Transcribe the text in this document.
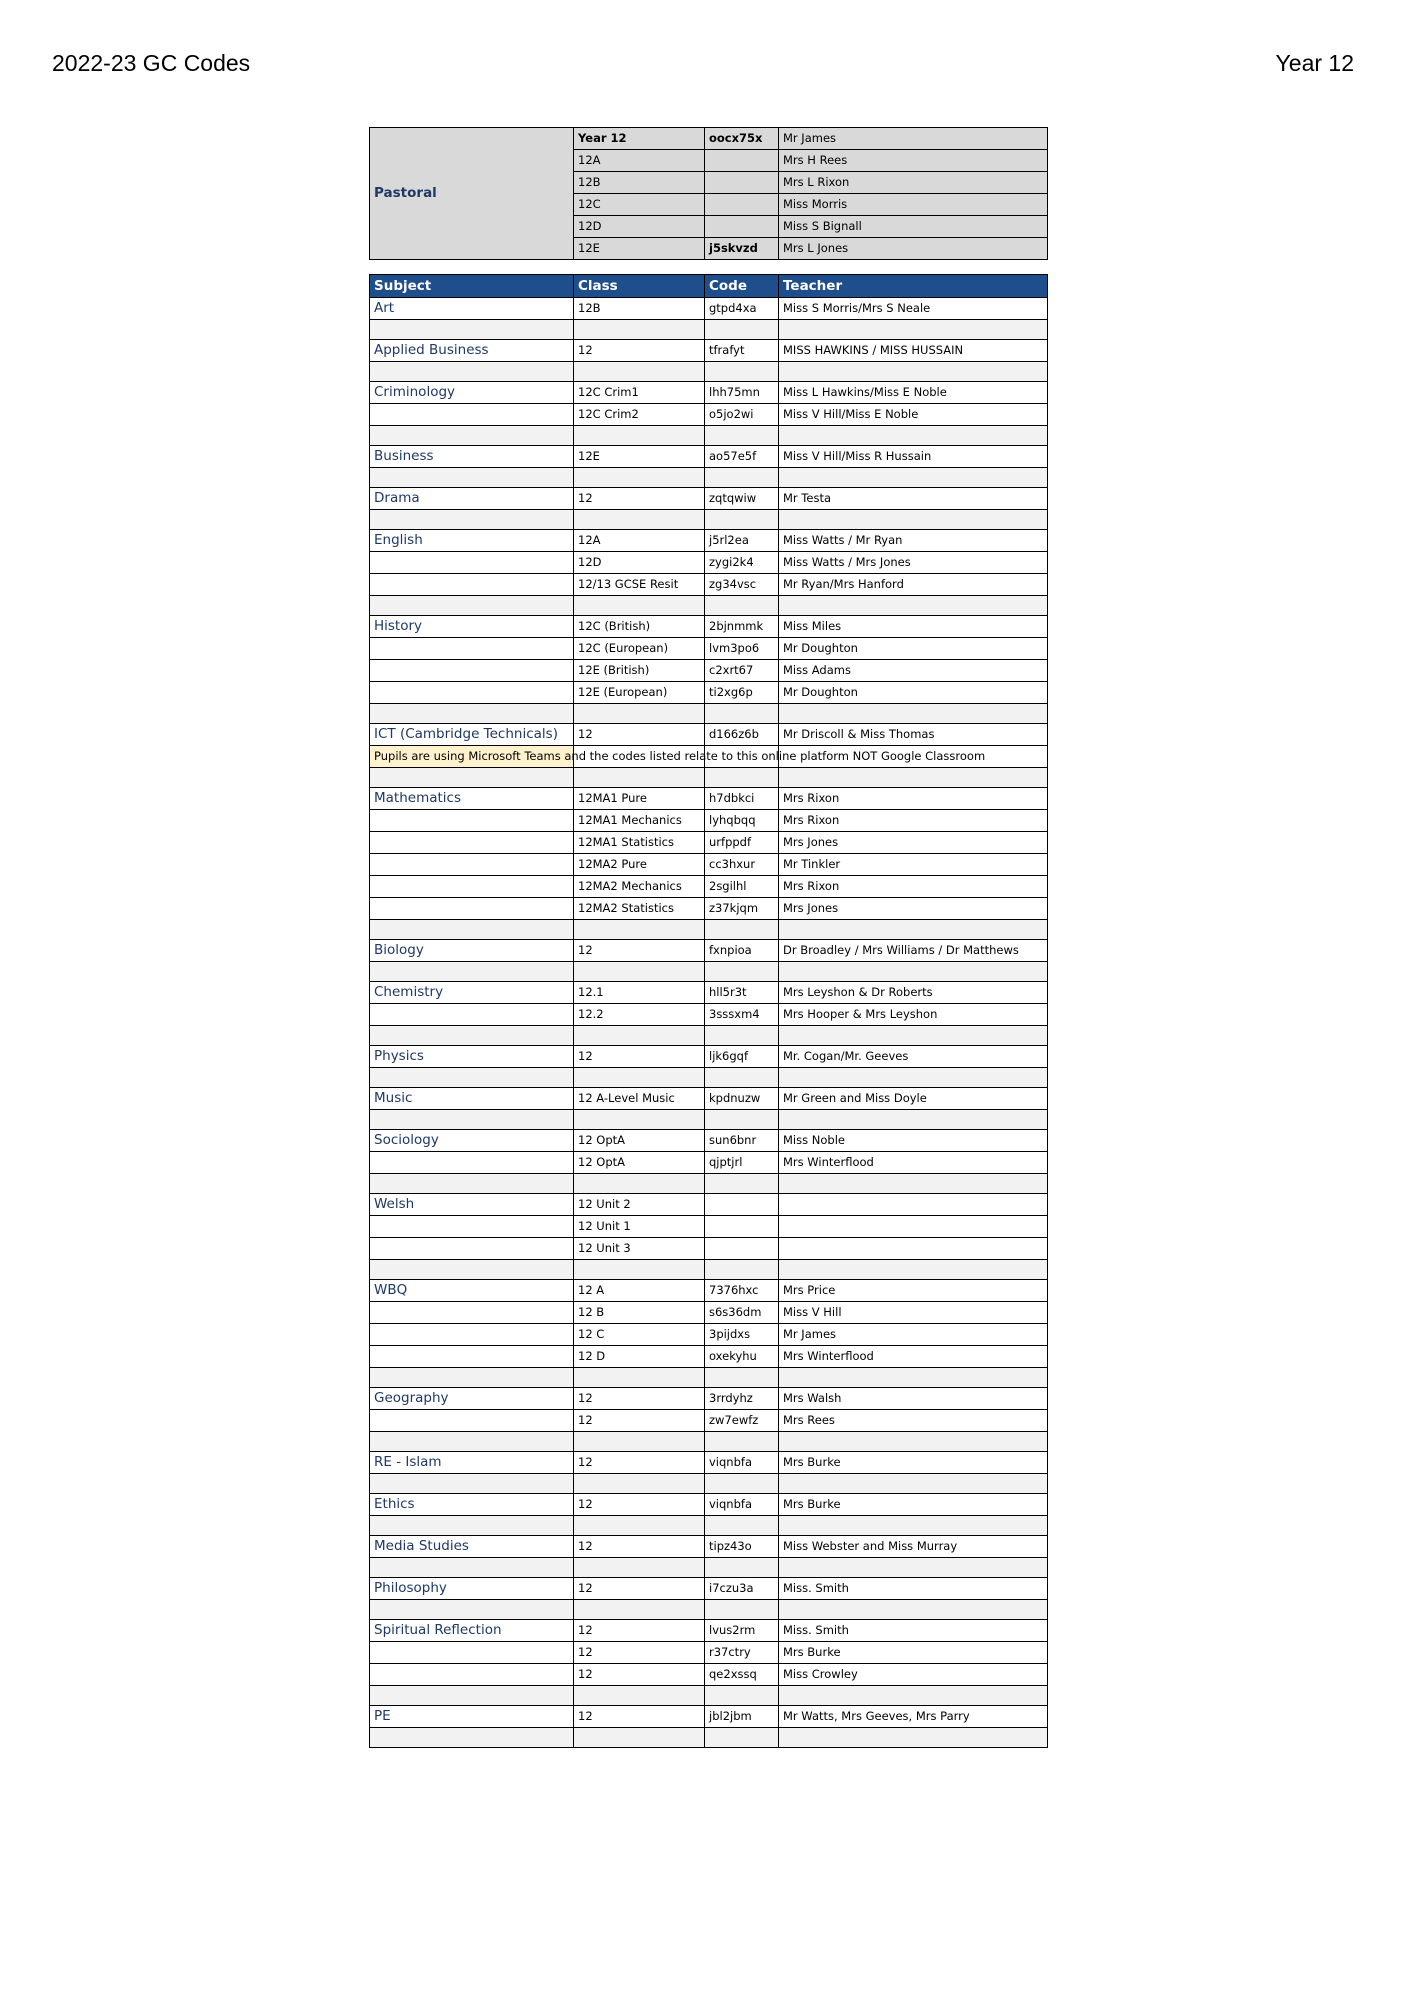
2022-23 GC Codes	Year 12
Pastoral	Year 12	oocx75x	Mr James
	12A		Mrs H Rees
	12B		Mrs L Rixon
	12C		Miss Morris
	12D		Miss S Bignall
	12E	j5skvzd	Mrs L Jones

Subject	Class	Code	Teacher
Art	12B	gtpd4xa	Miss S Morris/Mrs S Neale

Applied Business	12	tfrafyt	MISS HAWKINS / MISS HUSSAIN

Criminology	12C Crim1	lhh75mn	Miss L Hawkins/Miss E Noble
	12C Crim2	o5jo2wi	Miss V Hill/Miss E Noble

Business	12E	ao57e5f	Miss V Hill/Miss R Hussain

Drama	12	zqtqwiw	Mr Testa

English	12A	j5rl2ea	Miss Watts / Mr Ryan
	12D	zygi2k4	Miss Watts / Mrs Jones
	12/13 GCSE Resit	zg34vsc	Mr Ryan/Mrs Hanford

History	12C (British)	2bjnmmk	Miss Miles
	12C (European)	lvm3po6	Mr Doughton
	12E (British)	c2xrt67	Miss Adams
	12E (European)	ti2xg6p	Mr Doughton

ICT (Cambridge Technicals)	12	d166z6b	Mr Driscoll & Miss Thomas
Pupils are using Microsoft Teams and the codes listed relate to this online platform NOT Google Classroom			

Mathematics	12MA1 Pure	h7dbkci	Mrs Rixon
	12MA1 Mechanics	lyhqbqq	Mrs Rixon
	12MA1 Statistics	urfppdf	Mrs Jones
	12MA2 Pure	cc3hxur	Mr Tinkler
	12MA2 Mechanics	2sgilhl	Mrs Rixon
	12MA2 Statistics	z37kjqm	Mrs Jones

Biology	12	fxnpioa	Dr Broadley / Mrs Williams / Dr Matthews

Chemistry	12.1	hll5r3t	Mrs Leyshon & Dr Roberts
	12.2	3sssxm4	Mrs Hooper & Mrs Leyshon

Physics	12	ljk6gqf	Mr. Cogan/Mr. Geeves

Music	12 A-Level Music	kpdnuzw	Mr Green and Miss Doyle

Sociology	12 OptA	sun6bnr	Miss Noble
	12 OptA	qjptjrl	Mrs Winterflood

Welsh	12 Unit 2		
	12 Unit 1		
	12 Unit 3		

WBQ	12 A	7376hxc	Mrs Price
	12 B	s6s36dm	Miss V Hill
	12 C	3pijdxs	Mr James
	12 D	oxekyhu	Mrs Winterflood

Geography	12	3rrdyhz	Mrs Walsh
	12	zw7ewfz	Mrs Rees

RE - Islam	12	viqnbfa	Mrs Burke

Ethics	12	viqnbfa	Mrs Burke

Media Studies	12	tipz43o	Miss Webster and Miss Murray

Philosophy	12	i7czu3a	Miss. Smith

Spiritual Reflection	12	lvus2rm	Miss. Smith
	12	r37ctry	Mrs Burke
	12	qe2xssq	Miss Crowley

PE	12	jbl2jbm	Mr Watts, Mrs Geeves, Mrs Parry
